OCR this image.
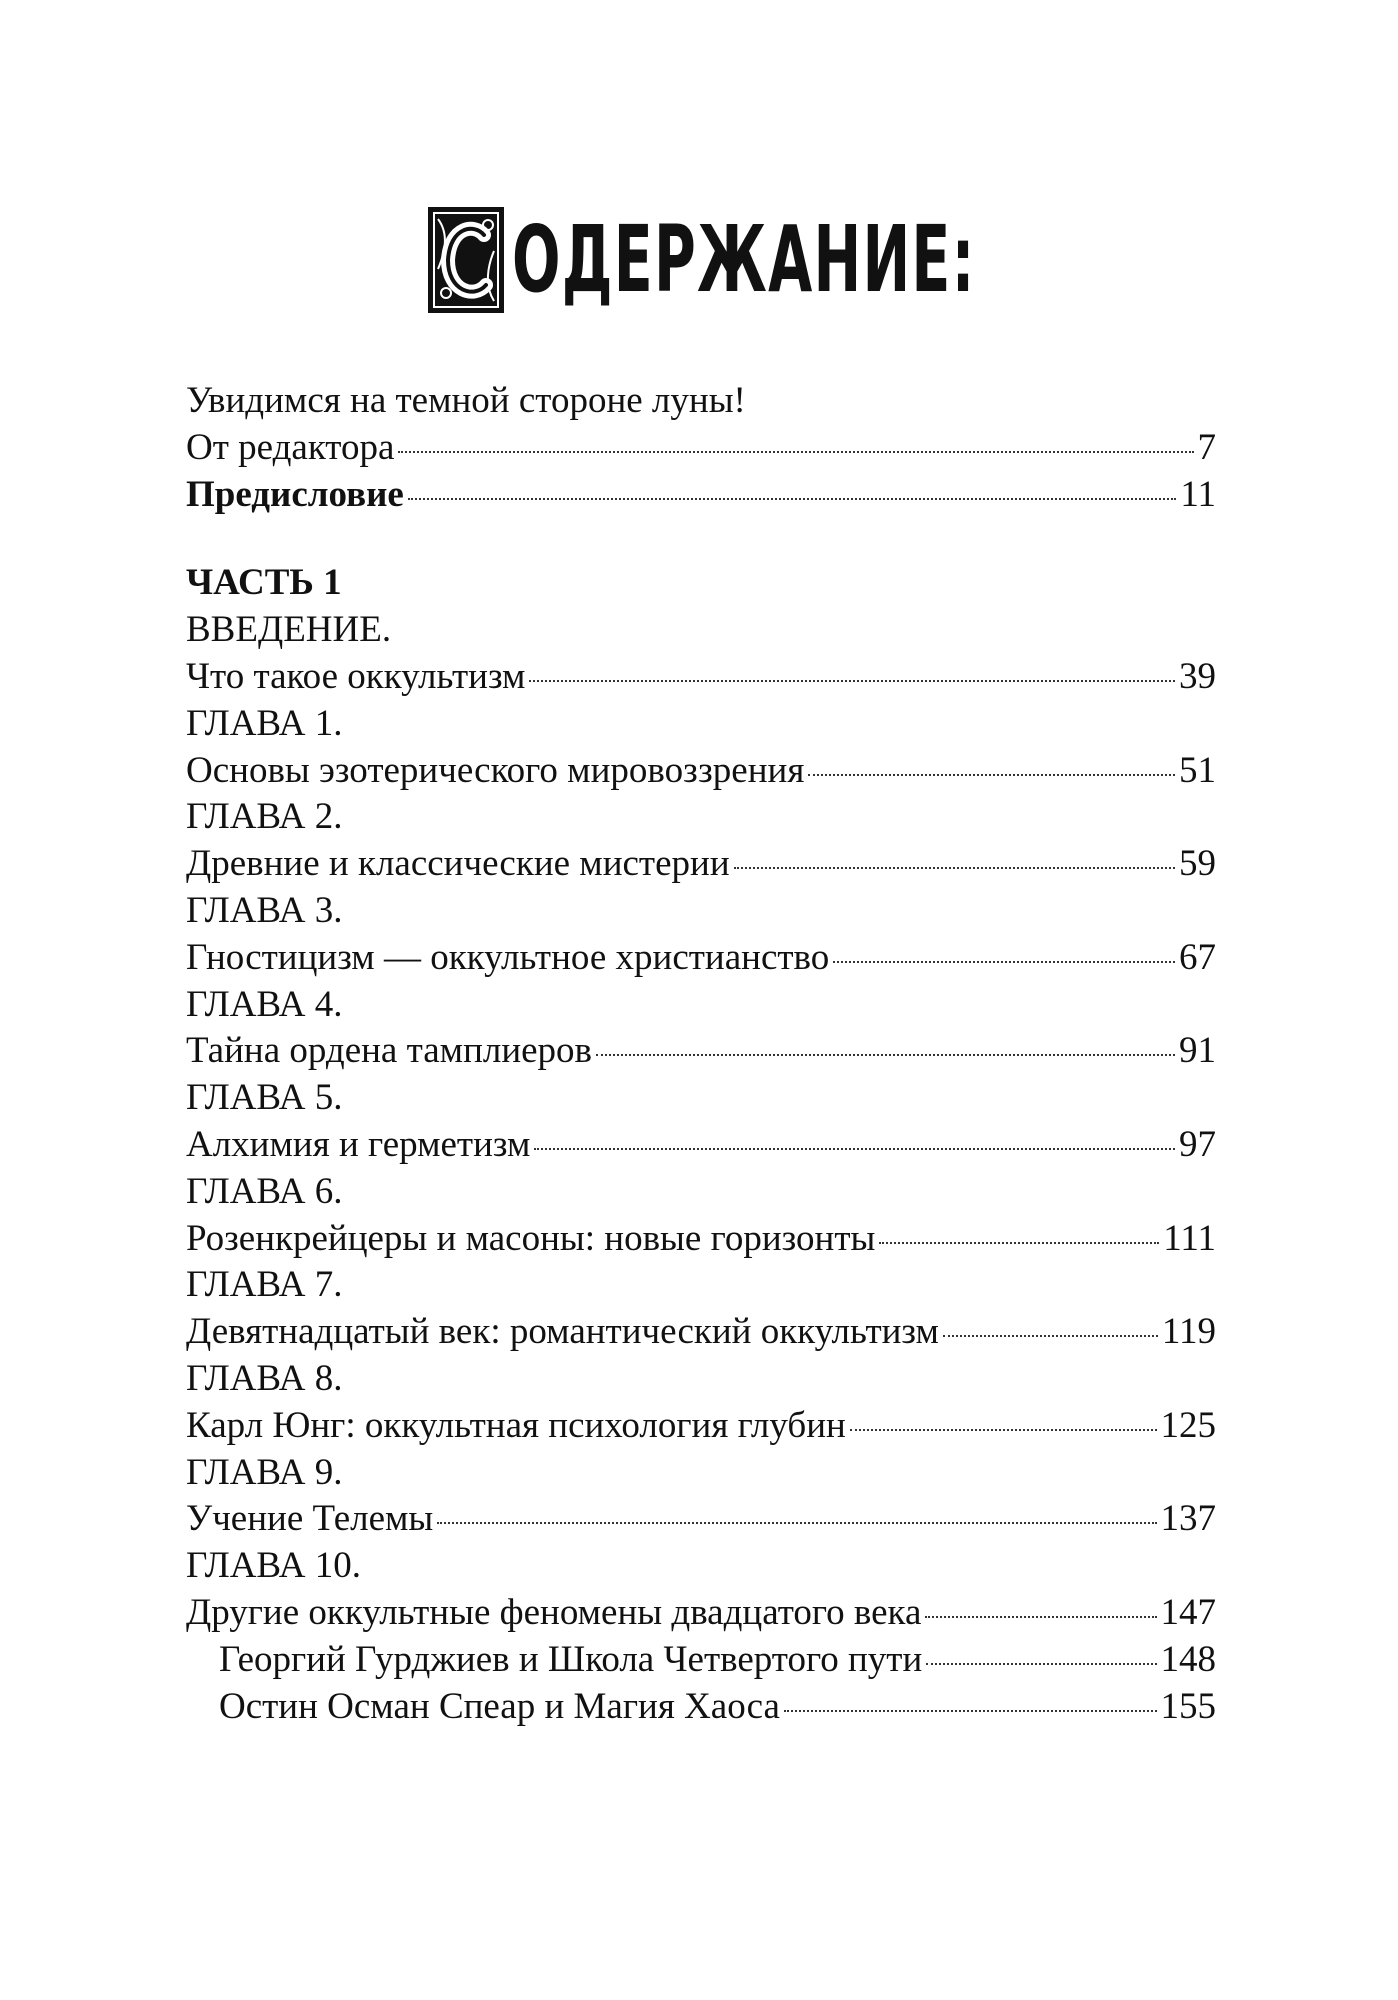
ОДЕРЖАНИЕ:
Увидимся на темной стороне луны!
От редактора	7
Предисловие	11
ЧАСТЬ 1
ВВЕДЕНИЕ.
Что такое оккультизм	39
ГЛАВА 1.
Основы эзотерического мировоззрения	51
ГЛАВА 2.
Древние и классические мистерии	59
ГЛАВА 3.
Гностицизм — оккультное христианство	67
ГЛАВА 4.
Тайна ордена тамплиеров	91
ГЛАВА 5.
Алхимия и герметизм	97
ГЛАВА 6.
Розенкрейцеры и масоны: новые горизонты	111
ГЛАВА 7.
Девятнадцатый век: романтический оккультизм	119
ГЛАВА 8.
Карл Юнг: оккультная психология глубин	125
ГЛАВА 9.
Учение Телемы	137
ГЛАВА 10.
Другие оккультные феномены двадцатого века	147
Георгий Гурджиев и Школа Четвертого пути	148
Остин Осман Спеар и Магия Хаоса	155
